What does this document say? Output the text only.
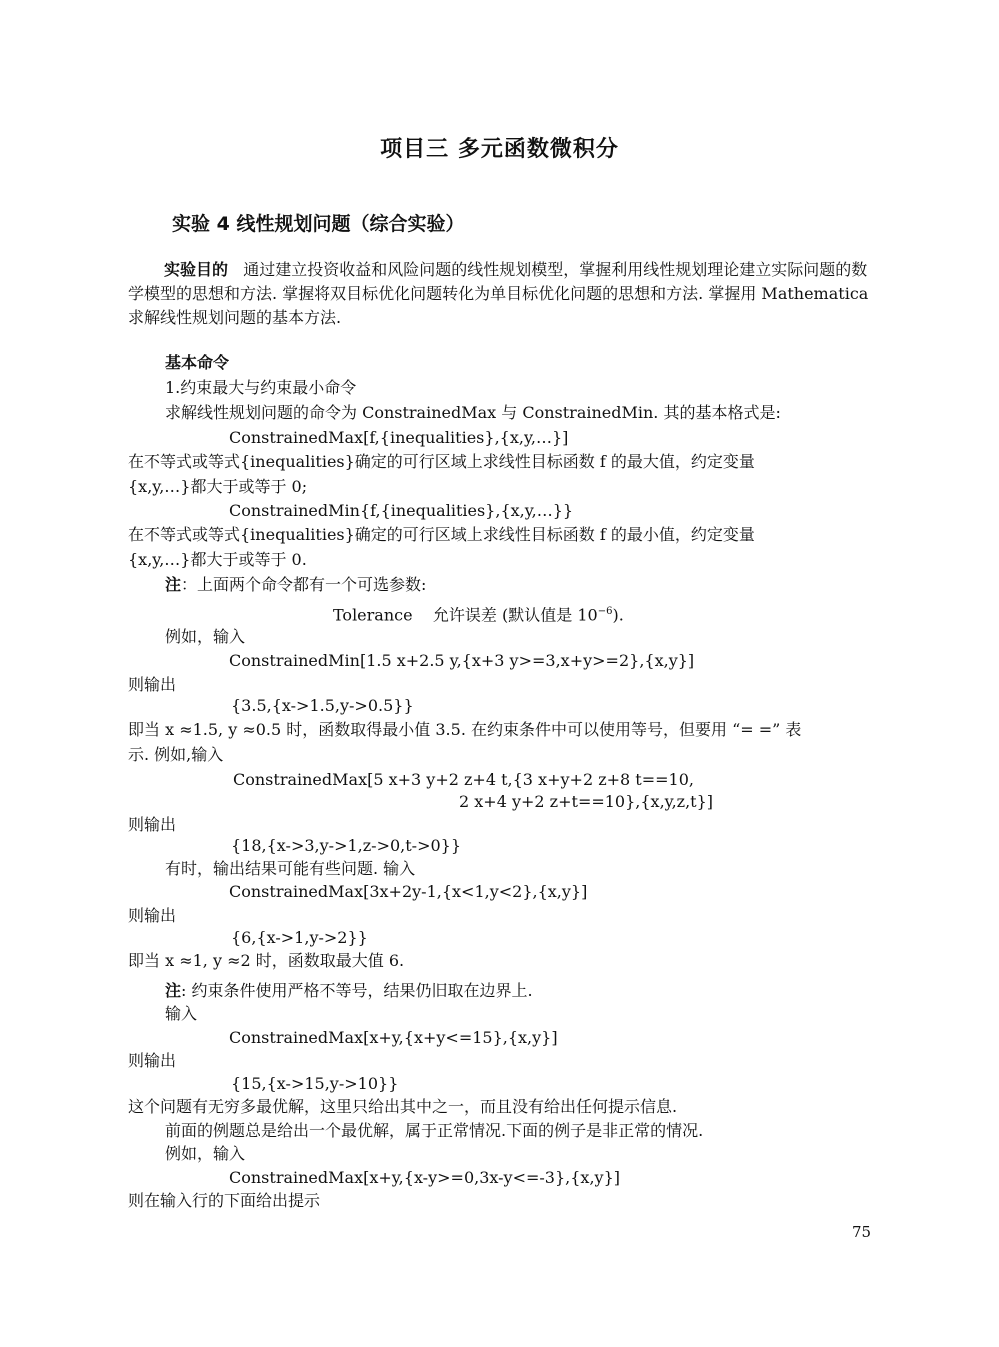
项目三 多元函数微积分
实验 4 线性规划问题（综合实验）
实验目的 通过建立投资收益和风险问题的线性规划模型，掌握利用线性规划理论建立实际问题的数学模型的思想和方法. 掌握将双目标优化问题转化为单目标优化问题的思想和方法. 掌握用 Mathematica 求解线性规划问题的基本方法.
基本命令
1.约束最大与约束最小命令
求解线性规划问题的命令为 ConstrainedMax 与 ConstrainedMin. 其的基本格式是:
ConstrainedMax[f,{inequalities},{x,y,…}]
在不等式或等式{inequalities}确定的可行区域上求线性目标函数 f 的最大值，约定变量
{x,y,…}都大于或等于 0;
ConstrainedMin{f,{inequalities},{x,y,…}}
在不等式或等式{inequalities}确定的可行区域上求线性目标函数 f 的最小值，约定变量
{x,y,…}都大于或等于 0.
注：上面两个命令都有一个可选参数:
Tolerance 允许误差 (默认值是 $10^{-6}$).
例如，输入
ConstrainedMin[1.5 x+2.5 y,{x+3 y>=3,x+y>=2},{x,y}]
则输出
{3.5,{x->1.5,y->0.5}}
即当 x ≈1.5, y ≈0.5 时，函数取得最小值 3.5. 在约束条件中可以使用等号，但要用 “= =” 表
示. 例如,输入
ConstrainedMax[5 x+3 y+2 z+4 t,{3 x+y+2 z+8 t==10,
2 x+4 y+2 z+t==10},{x,y,z,t}]
则输出
{18,{x->3,y->1,z->0,t->0}}
有时，输出结果可能有些问题. 输入
ConstrainedMax[3x+2y-1,{x<1,y<2},{x,y}]
则输出
{6,{x->1,y->2}}
即当 x ≈1, y ≈2 时，函数取最大值 6.
注: 约束条件使用严格不等号，结果仍旧取在边界上.
输入
ConstrainedMax[x+y,{x+y<=15},{x,y}]
则输出
{15,{x->15,y->10}}
这个问题有无穷多最优解，这里只给出其中之一，而且没有给出任何提示信息.
前面的例题总是给出一个最优解，属于正常情况.下面的例子是非正常的情况.
例如，输入
ConstrainedMax[x+y,{x-y>=0,3x-y<=-3},{x,y}]
则在输入行的下面给出提示
75
